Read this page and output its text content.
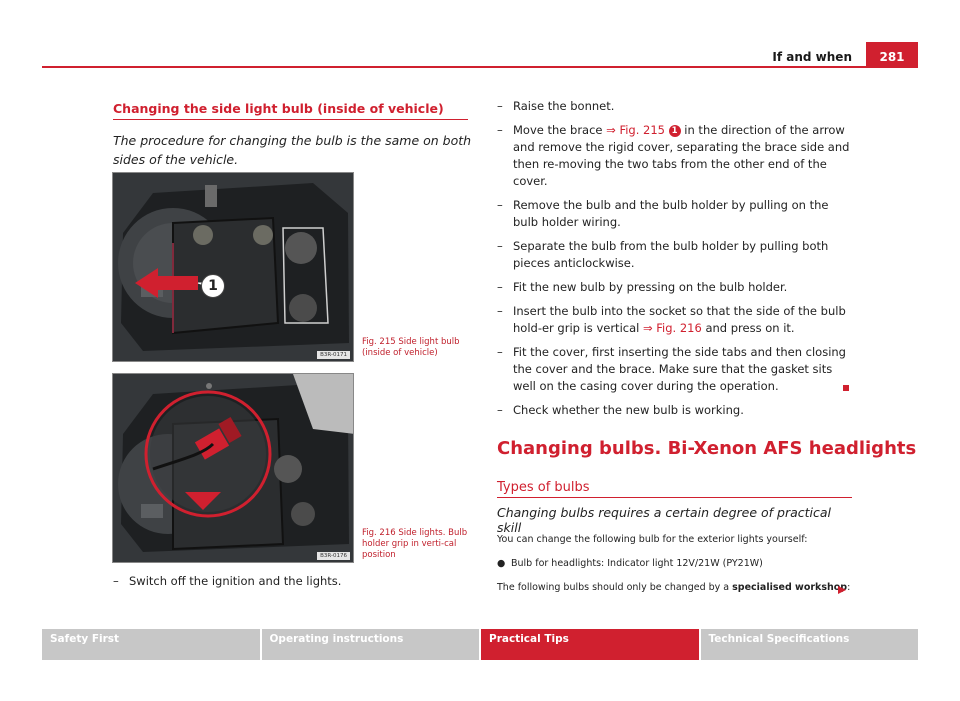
If and when	281
Changing the side light bulb (inside of vehicle)
The procedure for changing the bulb is the same on both sides of the vehicle.
1
B3R-0171
Fig. 215 Side light bulb (inside of vehicle)
B3R-0176
Fig. 216 Side lights. Bulb holder grip in verti-cal position
– Switch off the ignition and the lights.
– Raise the bonnet.
– Move the brace ⇒ Fig. 215 1 in the direction of the arrow and remove the rigid cover, separating the brace side and then re-moving the two tabs from the other end of the cover.
– Remove the bulb and the bulb holder by pulling on the bulb holder wiring.
– Separate the bulb from the bulb holder by pulling both pieces anticlockwise.
– Fit the new bulb by pressing on the bulb holder.
– Insert the bulb into the socket so that the side of the bulb hold-er grip is vertical ⇒ Fig. 216 and press on it.
– Fit the cover, first inserting the side tabs and then closing the cover and the brace. Make sure that the gasket sits well on the casing cover during the operation.
– Check whether the new bulb is working.
Changing bulbs. Bi-Xenon AFS headlights
Types of bulbs
Changing bulbs requires a certain degree of practical skill
You can change the following bulb for the exterior lights yourself:
● Bulb for headlights: Indicator light 12V/21W (PY21W)
The following bulbs should only be changed by a specialised workshop:
Safety First	Operating instructions	Practical Tips	Technical Specifications
